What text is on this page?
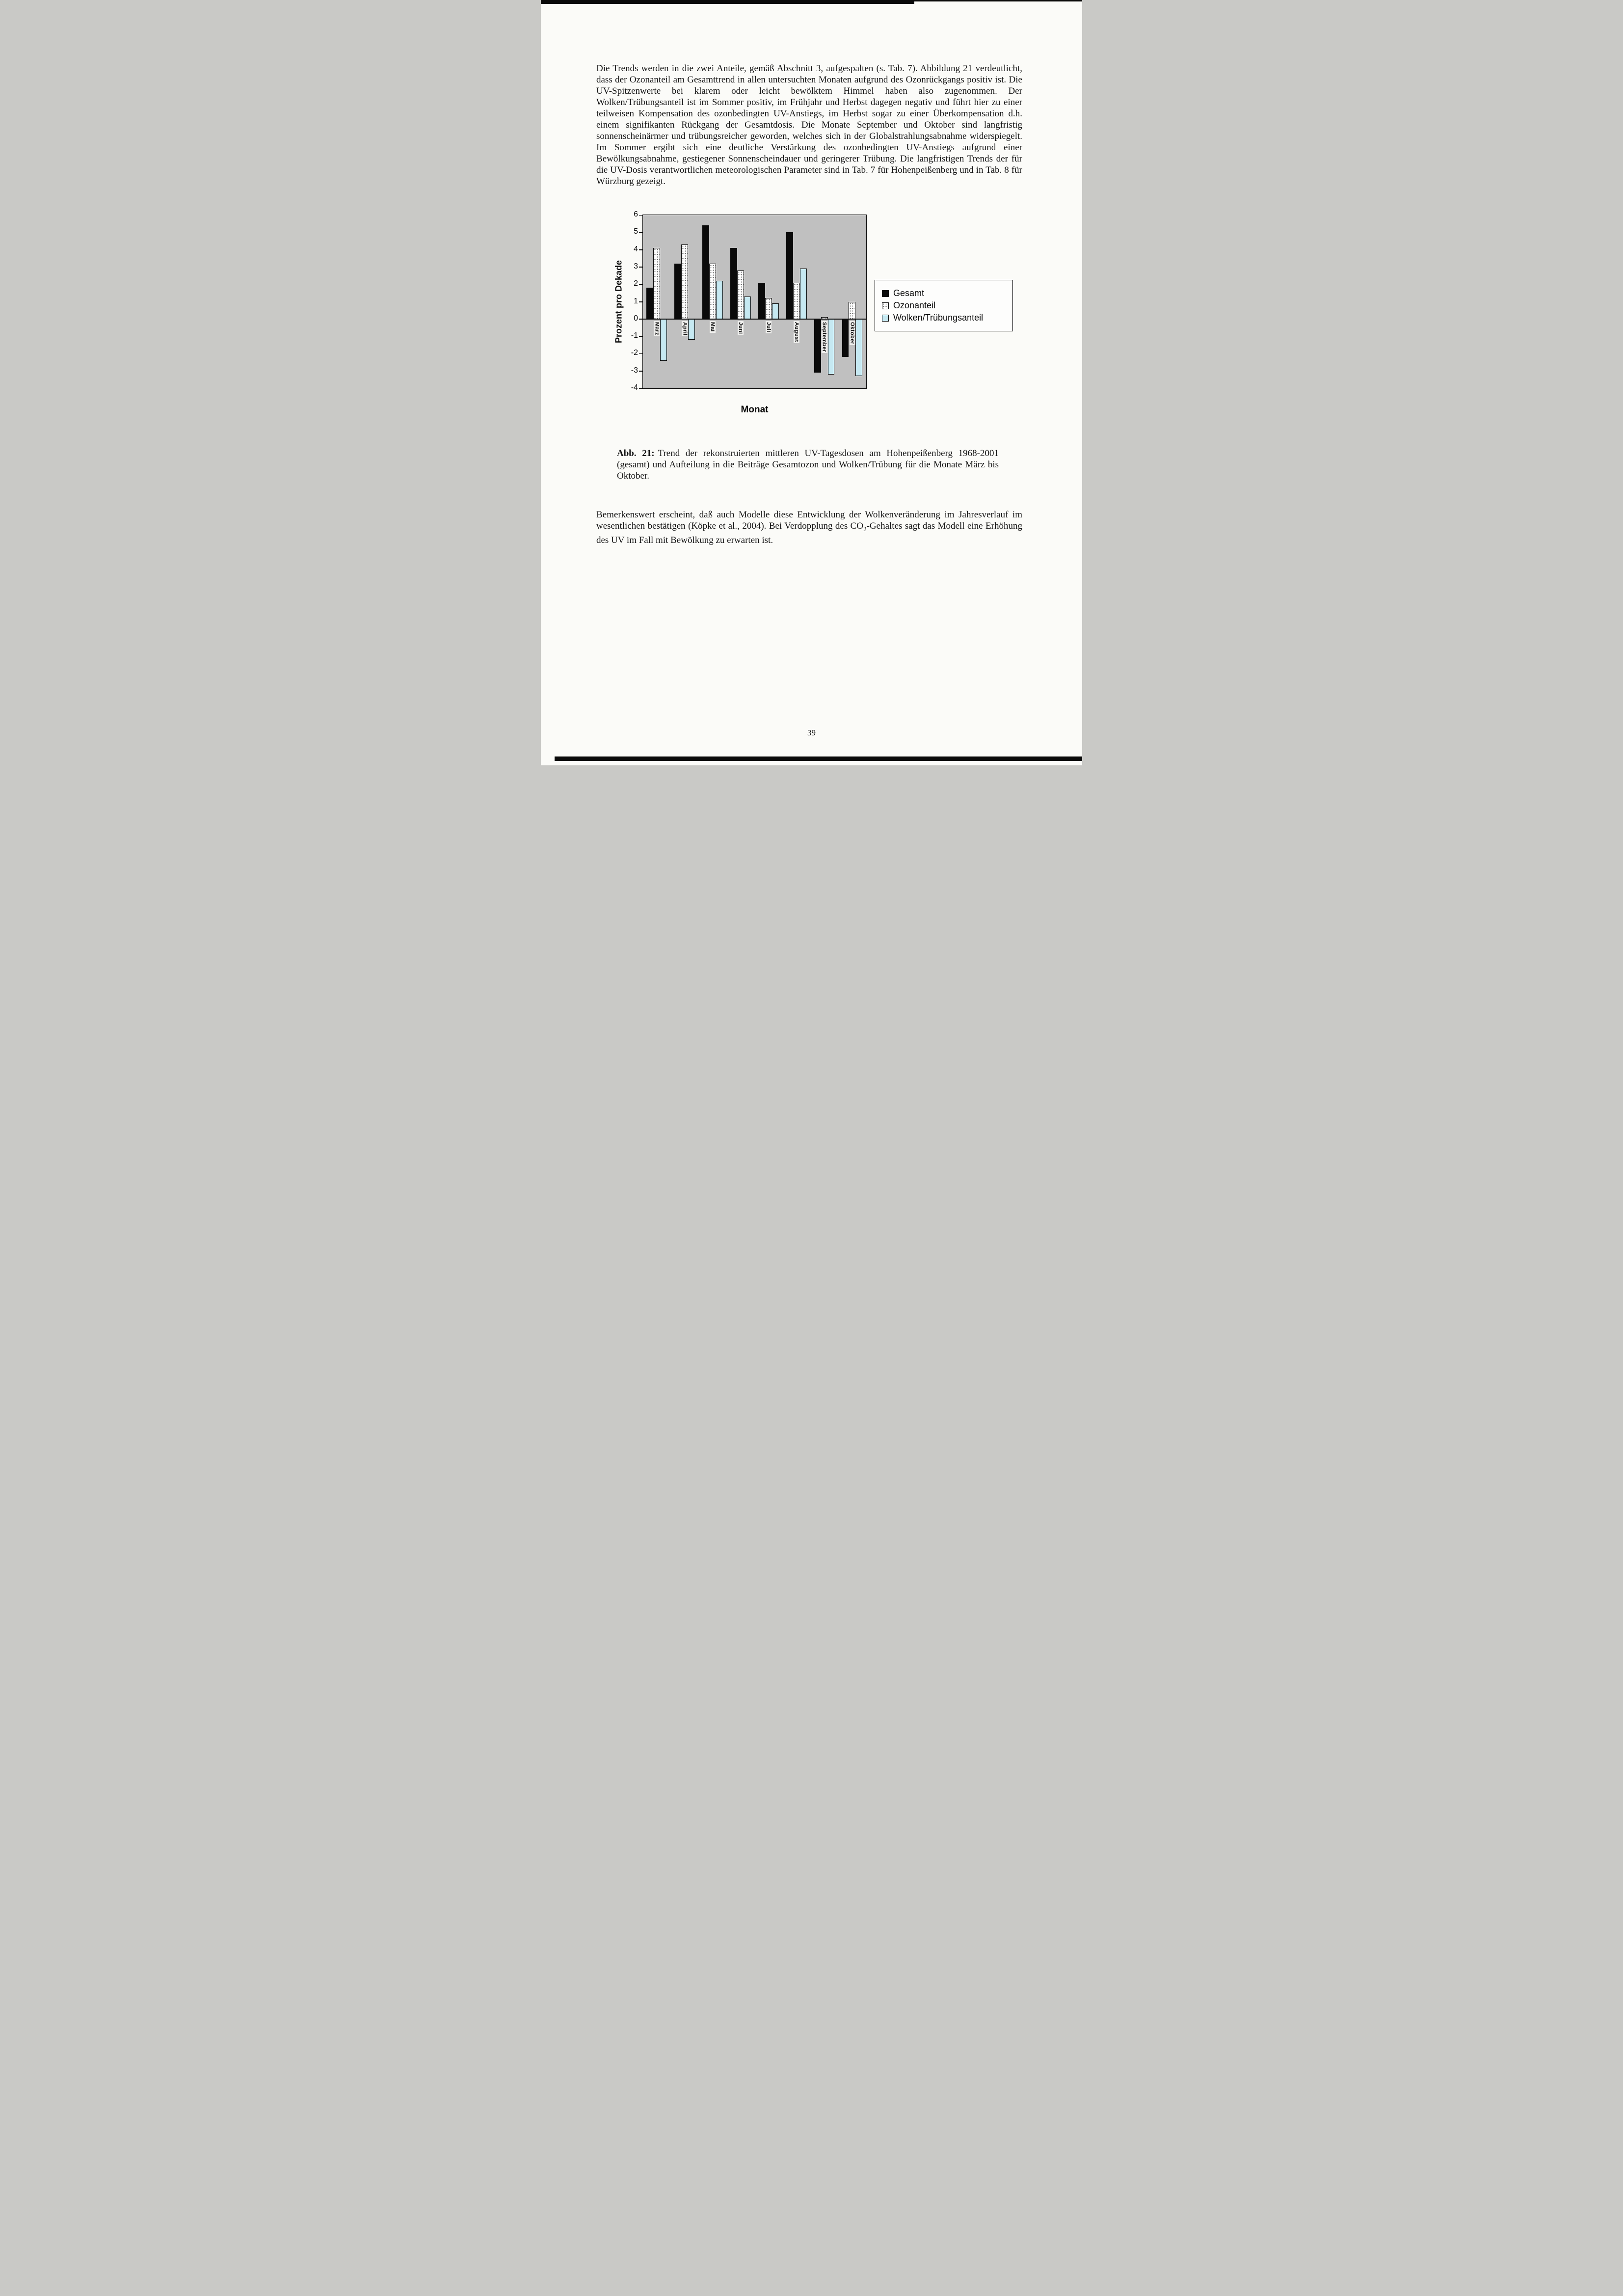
Die Trends werden in die zwei Anteile, gemäß Abschnitt 3, aufgespalten (s. Tab. 7). Abbildung 21 verdeutlicht, dass der Ozonanteil am Gesamttrend in allen untersuchten Monaten aufgrund des Ozonrückgangs positiv ist. Die UV-Spitzenwerte bei klarem oder leicht bewölktem Himmel haben also zugenommen. Der Wolken/Trübungsanteil ist im Sommer positiv, im Frühjahr und Herbst dagegen negativ und führt hier zu einer teilweisen Kompensation des ozonbedingten UV-Anstiegs, im Herbst sogar zu einer Überkompensation d.h. einem signifikanten Rückgang der Gesamtdosis. Die Monate September und Oktober sind langfristig sonnenscheinärmer und trübungsreicher geworden, welches sich in der Globalstrahlungsabnahme widerspiegelt. Im Sommer ergibt sich eine deutliche Verstärkung des ozonbedingten UV-Anstiegs aufgrund einer Bewölkungsabnahme, gestiegener Sonnenscheindauer und geringerer Trübung. Die langfristigen Trends der für die UV-Dosis verantwortlichen meteorologischen Parameter sind in Tab. 7 für Hohenpeißenberg und in Tab. 8 für Würzburg gezeigt.

Prozent pro Dekade
6
5
4
3
2
1
0
-1
-2
-3
-4
März	April	Mai	Juni	Juli	August	September	Oktober
Gesamt
Ozonanteil
Wolken/Trübungsanteil
Monat

Abb. 21: Trend der rekonstruierten mittleren UV-Tagesdosen am Hohenpeißenberg 1968-2001 (gesamt) und Aufteilung in die Beiträge Gesamtozon und Wolken/Trübung für die Monate März bis Oktober.

Bemerkenswert erscheint, daß auch Modelle diese Entwicklung der Wolkenveränderung im Jahresverlauf im wesentlichen bestätigen (Köpke et al., 2004). Bei Verdopplung des $CO_2$-Gehaltes sagt das Modell eine Erhöhung des UV im Fall mit Bewölkung zu erwarten ist.

39
